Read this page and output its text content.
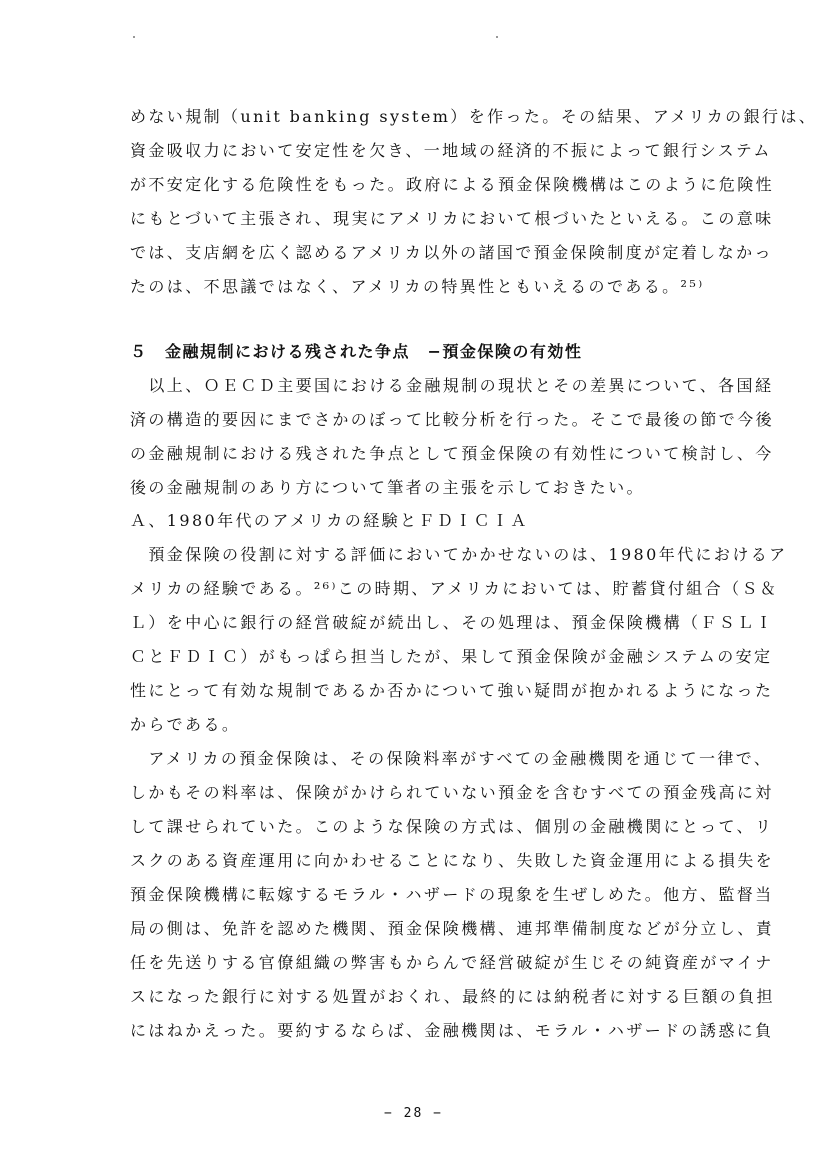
めない規制（unit banking system）を作った。その結果、アメリカの銀行は、
資金吸収力において安定性を欠き、一地域の経済的不振によって銀行システム
が不安定化する危険性をもった。政府による預金保険機構はこのように危険性
にもとづいて主張され、現実にアメリカにおいて根づいたといえる。この意味
では、支店網を広く認めるアメリカ以外の諸国で預金保険制度が定着しなかっ
たのは、不思議ではなく、アメリカの特異性ともいえるのである。²⁵⁾
５　金融規制における残された争点　−預金保険の有効性
　以上、ＯＥＣＤ主要国における金融規制の現状とその差異について、各国経
済の構造的要因にまでさかのぼって比較分析を行った。そこで最後の節で今後
の金融規制における残された争点として預金保険の有効性について検討し、今
後の金融規制のあり方について筆者の主張を示しておきたい。
Ａ、1980年代のアメリカの経験とＦＤＩＣＩＡ
　預金保険の役割に対する評価においてかかせないのは、1980年代におけるア
メリカの経験である。²⁶⁾この時期、アメリカにおいては、貯蓄貸付組合（Ｓ＆
Ｌ）を中心に銀行の経営破綻が続出し、その処理は、預金保険機構（ＦＳＬＩ
ＣとＦＤＩＣ）がもっぱら担当したが、果して預金保険が金融システムの安定
性にとって有効な規制であるか否かについて強い疑問が抱かれるようになった
からである。
　アメリカの預金保険は、その保険料率がすべての金融機関を通じて一律で、
しかもその料率は、保険がかけられていない預金を含むすべての預金残高に対
して課せられていた。このような保険の方式は、個別の金融機関にとって、リ
スクのある資産運用に向かわせることになり、失敗した資金運用による損失を
預金保険機構に転嫁するモラル・ハザードの現象を生ぜしめた。他方、監督当
局の側は、免許を認めた機関、預金保険機構、連邦準備制度などが分立し、責
任を先送りする官僚組織の弊害もからんで経営破綻が生じその純資産がマイナ
スになった銀行に対する処置がおくれ、最終的には納税者に対する巨額の負担
にはねかえった。要約するならば、金融機関は、モラル・ハザードの誘惑に負
− 28 −
